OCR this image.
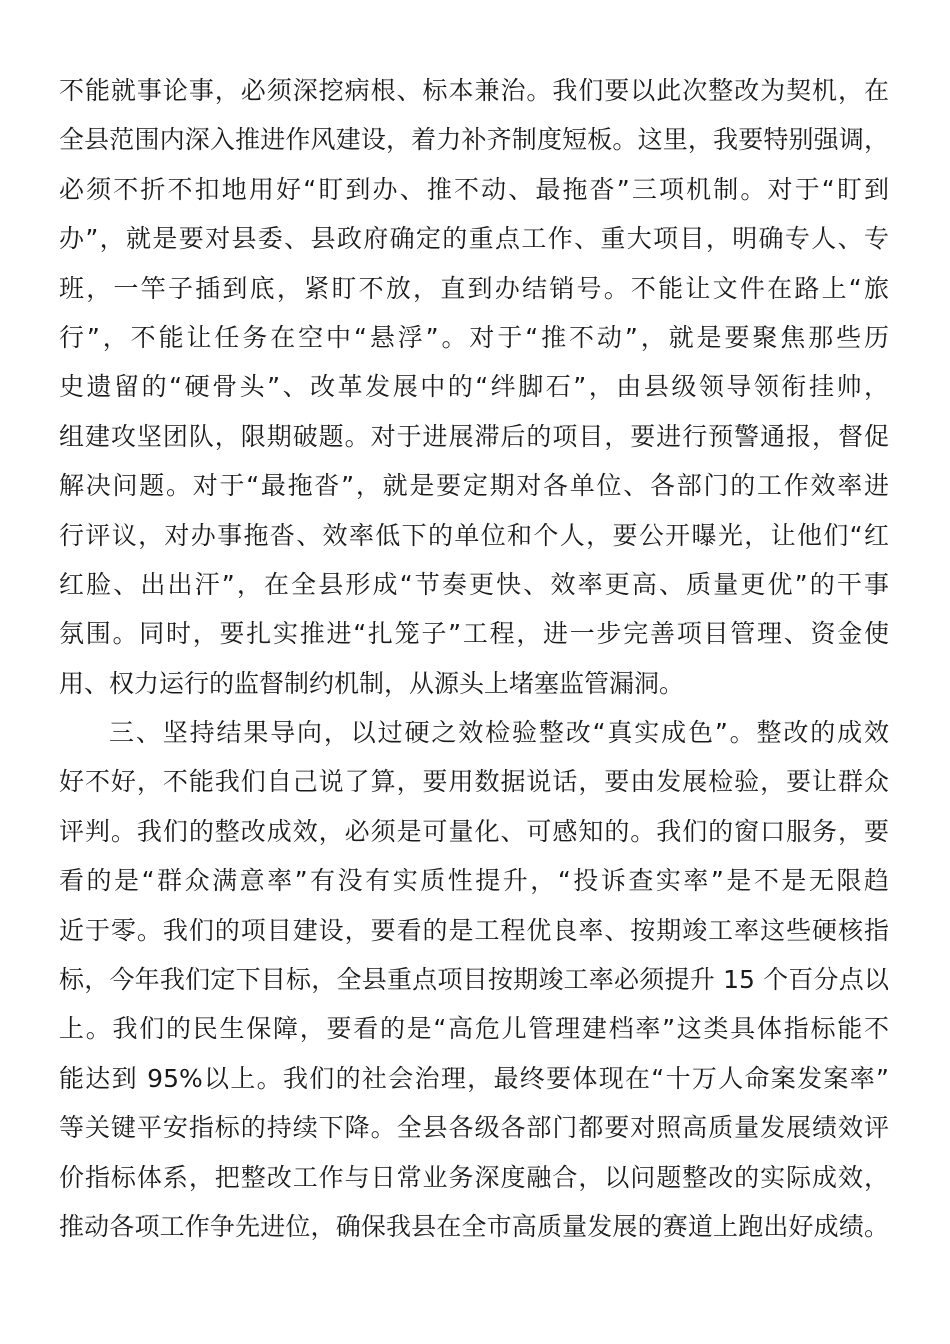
不能就事论事，必须深挖病根、标本兼治。我们要以此次整改为契机，在
全县范围内深入推进作风建设，着力补齐制度短板。这里，我要特别强调，
必须不折不扣地用好“盯到办、推不动、最拖沓”三项机制。对于“盯到
办”，就是要对县委、县政府确定的重点工作、重大项目，明确专人、专
班，一竿子插到底，紧盯不放，直到办结销号。不能让文件在路上“旅
行”，不能让任务在空中“悬浮”。对于“推不动”，就是要聚焦那些历
史遗留的“硬骨头”、改革发展中的“绊脚石”，由县级领导领衔挂帅，
组建攻坚团队，限期破题。对于进展滞后的项目，要进行预警通报，督促
解决问题。对于“最拖沓”，就是要定期对各单位、各部门的工作效率进
行评议，对办事拖沓、效率低下的单位和个人，要公开曝光，让他们“红
红脸、出出汗”，在全县形成“节奏更快、效率更高、质量更优”的干事
氛围。同时，要扎实推进“扎笼子”工程，进一步完善项目管理、资金使
用、权力运行的监督制约机制，从源头上堵塞监管漏洞。
三、坚持结果导向，以过硬之效检验整改“真实成色”。整改的成效
好不好，不能我们自己说了算，要用数据说话，要由发展检验，要让群众
评判。我们的整改成效，必须是可量化、可感知的。我们的窗口服务，要
看的是“群众满意率”有没有实质性提升，“投诉查实率”是不是无限趋
近于零。我们的项目建设，要看的是工程优良率、按期竣工率这些硬核指
标，今年我们定下目标，全县重点项目按期竣工率必须提升 15 个百分点以
上。我们的民生保障，要看的是“高危儿管理建档率”这类具体指标能不
能达到 95%以上。我们的社会治理，最终要体现在“十万人命案发案率”
等关键平安指标的持续下降。全县各级各部门都要对照高质量发展绩效评
价指标体系，把整改工作与日常业务深度融合，以问题整改的实际成效，
推动各项工作争先进位，确保我县在全市高质量发展的赛道上跑出好成绩。
